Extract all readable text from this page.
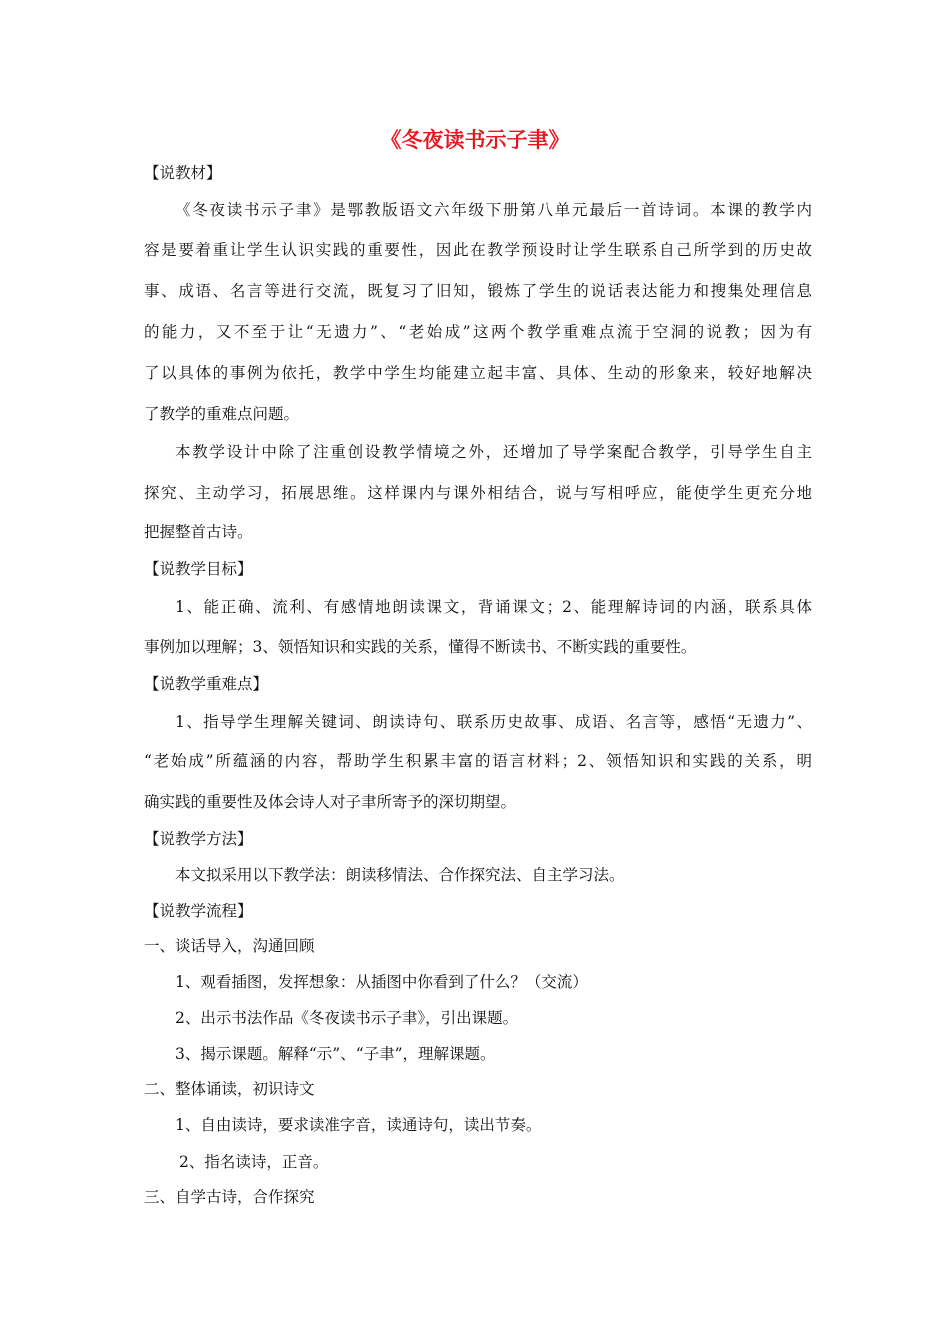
《冬夜读书示子聿》
【说教材】
《冬夜读书示子聿》是鄂教版语文六年级下册第八单元最后一首诗词。本课的教学内
容是要着重让学生认识实践的重要性，因此在教学预设时让学生联系自己所学到的历史故
事、成语、名言等进行交流，既复习了旧知，锻炼了学生的说话表达能力和搜集处理信息
的能力，又不至于让“无遗力”、“老始成”这两个教学重难点流于空洞的说教；因为有
了以具体的事例为依托，教学中学生均能建立起丰富、具体、生动的形象来，较好地解决
了教学的重难点问题。
本教学设计中除了注重创设教学情境之外，还增加了导学案配合教学，引导学生自主
探究、主动学习，拓展思维。这样课内与课外相结合，说与写相呼应，能使学生更充分地
把握整首古诗。
【说教学目标】
1、能正确、流利、有感情地朗读课文，背诵课文；2、能理解诗词的内涵，联系具体
事例加以理解；3、领悟知识和实践的关系，懂得不断读书、不断实践的重要性。
【说教学重难点】
1、指导学生理解关键词、朗读诗句、联系历史故事、成语、名言等，感悟“无遗力”、
“老始成”所蕴涵的内容，帮助学生积累丰富的语言材料；2、领悟知识和实践的关系，明
确实践的重要性及体会诗人对子聿所寄予的深切期望。
【说教学方法】
本文拟采用以下教学法：朗读移情法、合作探究法、自主学习法。
【说教学流程】
一、谈话导入，沟通回顾
1、观看插图，发挥想象：从插图中你看到了什么？（交流）
2、出示书法作品《冬夜读书示子聿》，引出课题。
3、揭示课题。解释“示”、“子聿”，理解课题。
二、整体诵读，初识诗文
1、自由读诗，要求读准字音，读通诗句，读出节奏。
2、指名读诗，正音。
三、自学古诗，合作探究
